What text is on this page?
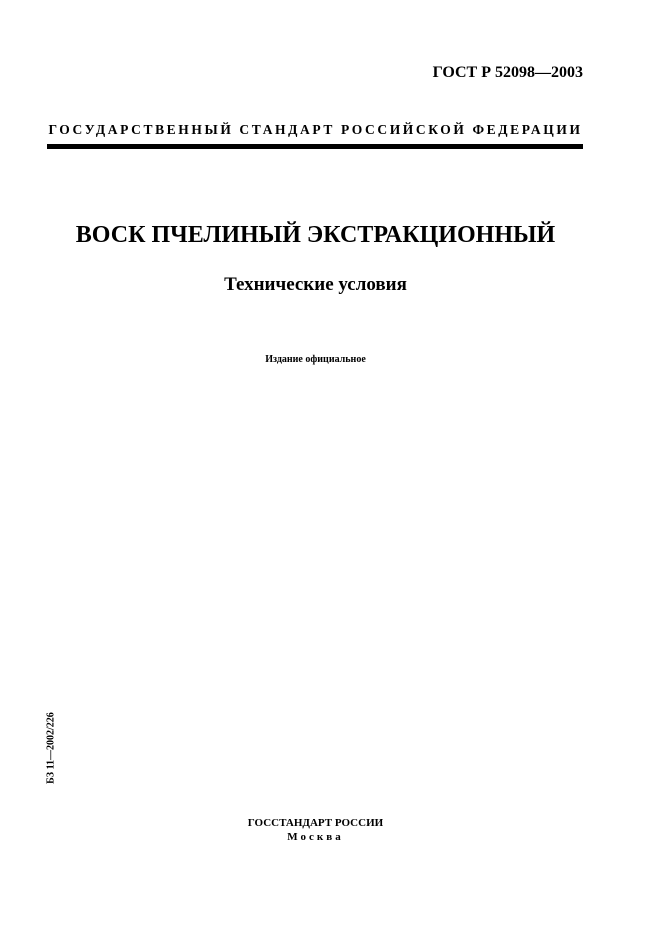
ГОСТ Р 52098—2003
ГОСУДАРСТВЕННЫЙ СТАНДАРТ РОССИЙСКОЙ ФЕДЕРАЦИИ
ВОСК ПЧЕЛИНЫЙ ЭКСТРАКЦИОННЫЙ
Технические условия
Издание официальное
БЗ 11—2002/226
ГОССТАНДАРТ РОССИИ
Москва
